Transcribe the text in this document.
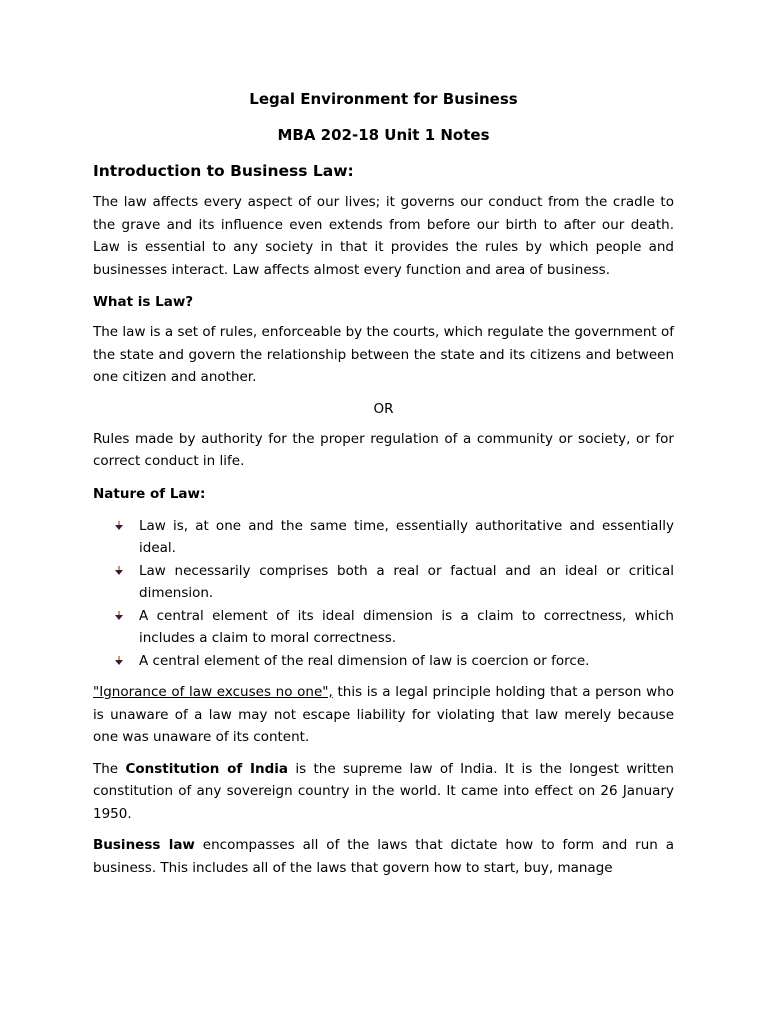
Legal Environment for Business
MBA 202-18 Unit 1 Notes
Introduction to Business Law:

The law affects every aspect of our lives; it governs our conduct from the cradle to the grave and its influence even extends from before our birth to after our death. Law is essential to any society in that it provides the rules by which people and businesses interact. Law affects almost every function and area of business.

What is Law?

The law is a set of rules, enforceable by the courts, which regulate the government of the state and govern the relationship between the state and its citizens and between one citizen and another.

OR

Rules made by authority for the proper regulation of a community or society, or for correct conduct in life.

Nature of Law:
Law is, at one and the same time, essentially authoritative and essentially ideal.
Law necessarily comprises both a real or factual and an ideal or critical dimension.
A central element of its ideal dimension is a claim to correctness, which includes a claim to moral correctness.
A central element of the real dimension of law is coercion or force.

"Ignorance of law excuses no one", this is a legal principle holding that a person who is unaware of a law may not escape liability for violating that law merely because one was unaware of its content.

The Constitution of India is the supreme law of India. It is the longest written constitution of any sovereign country in the world. It came into effect on 26 January 1950.

Business law encompasses all of the laws that dictate how to form and run a business. This includes all of the laws that govern how to start, buy, manage
